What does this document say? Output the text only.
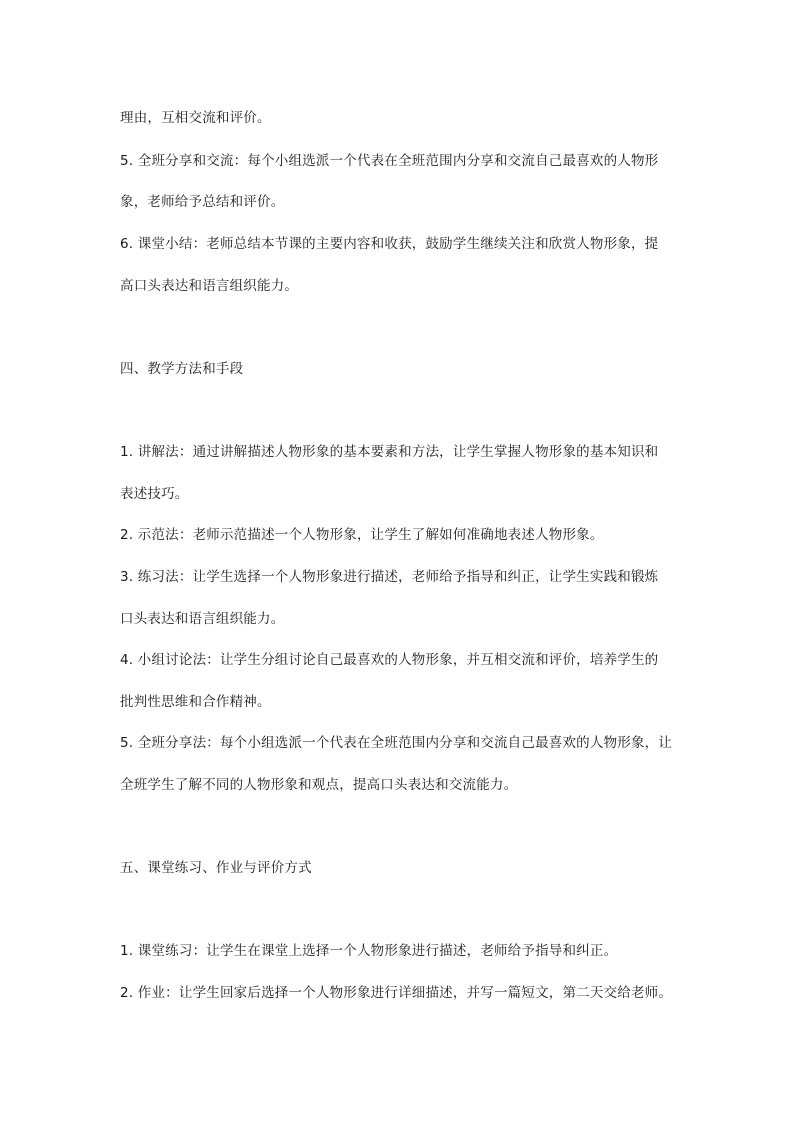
理由，互相交流和评价。
5. 全班分享和交流：每个小组选派一个代表在全班范围内分享和交流自己最喜欢的人物形
象，老师给予总结和评价。
6. 课堂小结：老师总结本节课的主要内容和收获，鼓励学生继续关注和欣赏人物形象，提
高口头表达和语言组织能力。
四、教学方法和手段
1. 讲解法：通过讲解描述人物形象的基本要素和方法，让学生掌握人物形象的基本知识和
表述技巧。
2. 示范法：老师示范描述一个人物形象，让学生了解如何准确地表述人物形象。
3. 练习法：让学生选择一个人物形象进行描述，老师给予指导和纠正，让学生实践和锻炼
口头表达和语言组织能力。
4. 小组讨论法：让学生分组讨论自己最喜欢的人物形象，并互相交流和评价，培养学生的
批判性思维和合作精神。
5. 全班分享法：每个小组选派一个代表在全班范围内分享和交流自己最喜欢的人物形象，让
全班学生了解不同的人物形象和观点，提高口头表达和交流能力。
五、课堂练习、作业与评价方式
1. 课堂练习：让学生在课堂上选择一个人物形象进行描述，老师给予指导和纠正。
2. 作业：让学生回家后选择一个人物形象进行详细描述，并写一篇短文，第二天交给老师。
